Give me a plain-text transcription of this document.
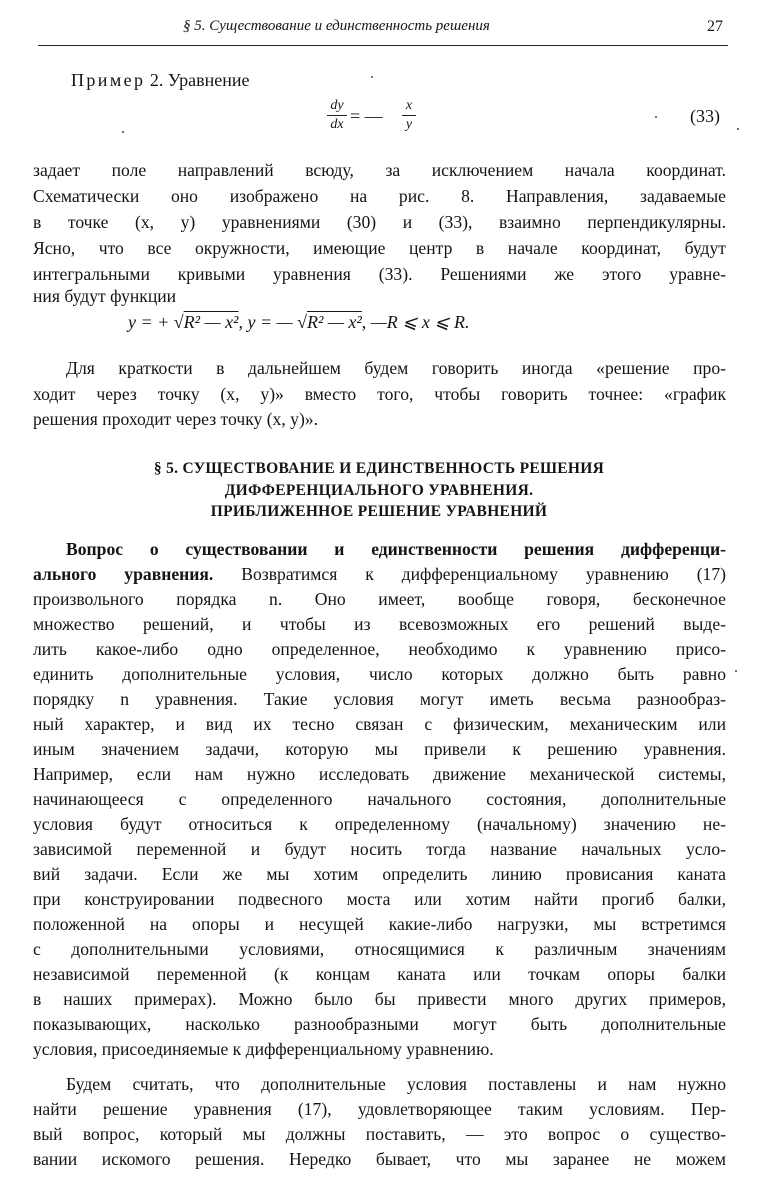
§ 5. Существование и единственность решения	27
Пример 2. Уравнение
dy
dx = —
x
y	(33)
задает поле направлений всюду, за исключением начала координат.
Схематически оно изображено на рис. 8. Направления, задаваемые
в точке (x, y) уравнениями (30) и (33), взаимно перпендикулярны.
Ясно, что все окружности, имеющие центр в начале координат, будут
интегральными кривыми уравнения (33). Решениями же этого уравне-
ния будут функции
y = + √R² — x², y = — √R² — x², —R ⩽ x ⩽ R.
Для краткости в дальнейшем будем говорить иногда «решение про-
ходит через точку (x, y)» вместо того, чтобы говорить точнее: «график
решения проходит через точку (x, y)».
§ 5. СУЩЕСТВОВАНИЕ И ЕДИНСТВЕННОСТЬ РЕШЕНИЯ
ДИФФЕРЕНЦИАЛЬНОГО УРАВНЕНИЯ.
ПРИБЛИЖЕННОЕ РЕШЕНИЕ УРАВНЕНИЙ
Вопрос о существовании и единственности решения дифференци-
ального уравнения. Возвратимся к дифференциальному уравнению (17)
произвольного порядка n. Оно имеет, вообще говоря, бесконечное
множество решений, и чтобы из всевозможных его решений выде-
лить какое-либо одно определенное, необходимо к уравнению присо-
единить дополнительные условия, число которых должно быть равно
порядку n уравнения. Такие условия могут иметь весьма разнообраз-
ный характер, и вид их тесно связан с физическим, механическим или
иным значением задачи, которую мы привели к решению уравнения.
Например, если нам нужно исследовать движение механической системы,
начинающееся с определенного начального состояния, дополнительные
условия будут относиться к определенному (начальному) значению не-
зависимой переменной и будут носить тогда название начальных усло-
вий задачи. Если же мы хотим определить линию провисания каната
при конструировании подвесного моста или хотим найти прогиб балки,
положенной на опоры и несущей какие-либо нагрузки, мы встретимся
с дополнительными условиями, относящимися к различным значениям
независимой переменной (к концам каната или точкам опоры балки
в наших примерах). Можно было бы привести много других примеров,
показывающих, насколько разнообразными могут быть дополнительные
условия, присоединяемые к дифференциальному уравнению.
Будем считать, что дополнительные условия поставлены и нам нужно
найти решение уравнения (17), удовлетворяющее таким условиям. Пер-
вый вопрос, который мы должны поставить, — это вопрос о существо-
вании искомого решения. Нередко бывает, что мы заранее не можем
